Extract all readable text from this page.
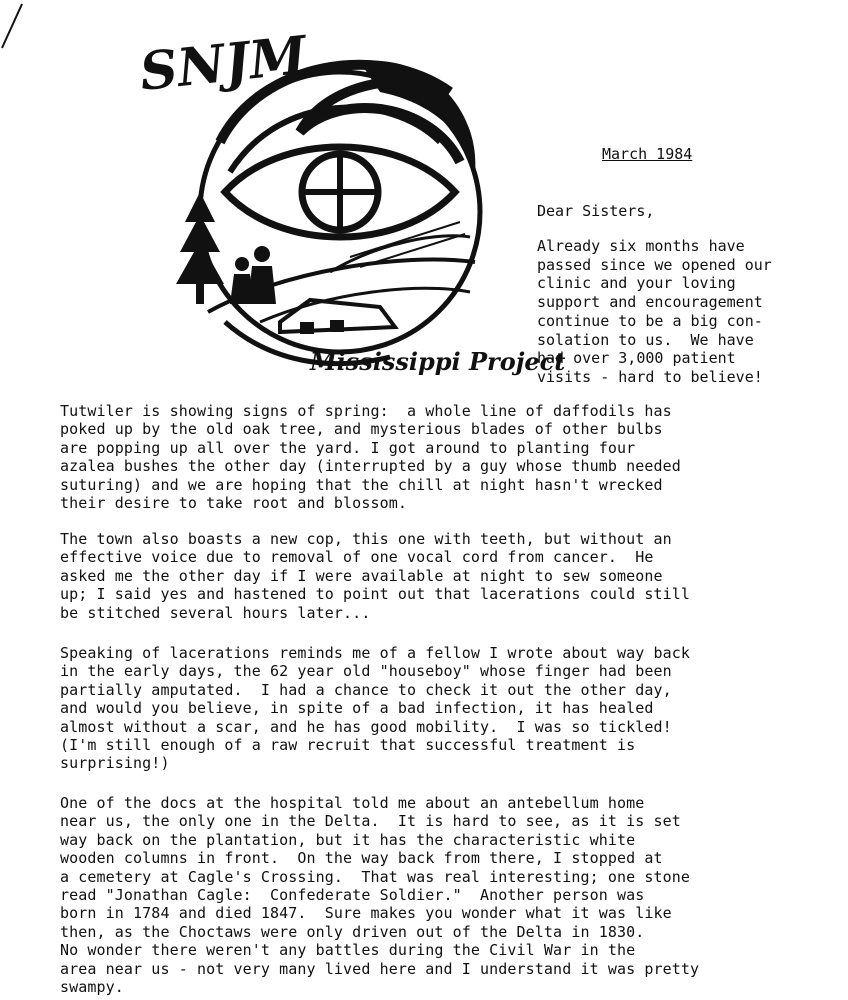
SNJM
Mississippi Project
March 1984
Dear Sisters,

Already six months have
passed since we opened our
clinic and your loving
support and encouragement
continue to be a big con-
solation to us.  We have
had over 3,000 patient
visits - hard to believe!

Tutwiler is showing signs of spring:  a whole line of daffodils has
poked up by the old oak tree, and mysterious blades of other bulbs
are popping up all over the yard. I got around to planting four
azalea bushes the other day (interrupted by a guy whose thumb needed
suturing) and we are hoping that the chill at night hasn't wrecked
their desire to take root and blossom.

The town also boasts a new cop, this one with teeth, but without an
effective voice due to removal of one vocal cord from cancer.  He
asked me the other day if I were available at night to sew someone
up; I said yes and hastened to point out that lacerations could still
be stitched several hours later...

Speaking of lacerations reminds me of a fellow I wrote about way back
in the early days, the 62 year old "houseboy" whose finger had been
partially amputated.  I had a chance to check it out the other day,
and would you believe, in spite of a bad infection, it has healed
almost without a scar, and he has good mobility.  I was so tickled!
(I'm still enough of a raw recruit that successful treatment is
surprising!)

One of the docs at the hospital told me about an antebellum home
near us, the only one in the Delta.  It is hard to see, as it is set
way back on the plantation, but it has the characteristic white
wooden columns in front.  On the way back from there, I stopped at
a cemetery at Cagle's Crossing.  That was real interesting; one stone
read "Jonathan Cagle:  Confederate Soldier."  Another person was
born in 1784 and died 1847.  Sure makes you wonder what it was like
then, as the Choctaws were only driven out of the Delta in 1830.
No wonder there weren't any battles during the Civil War in the
area near us - not very many lived here and I understand it was pretty
swampy.
